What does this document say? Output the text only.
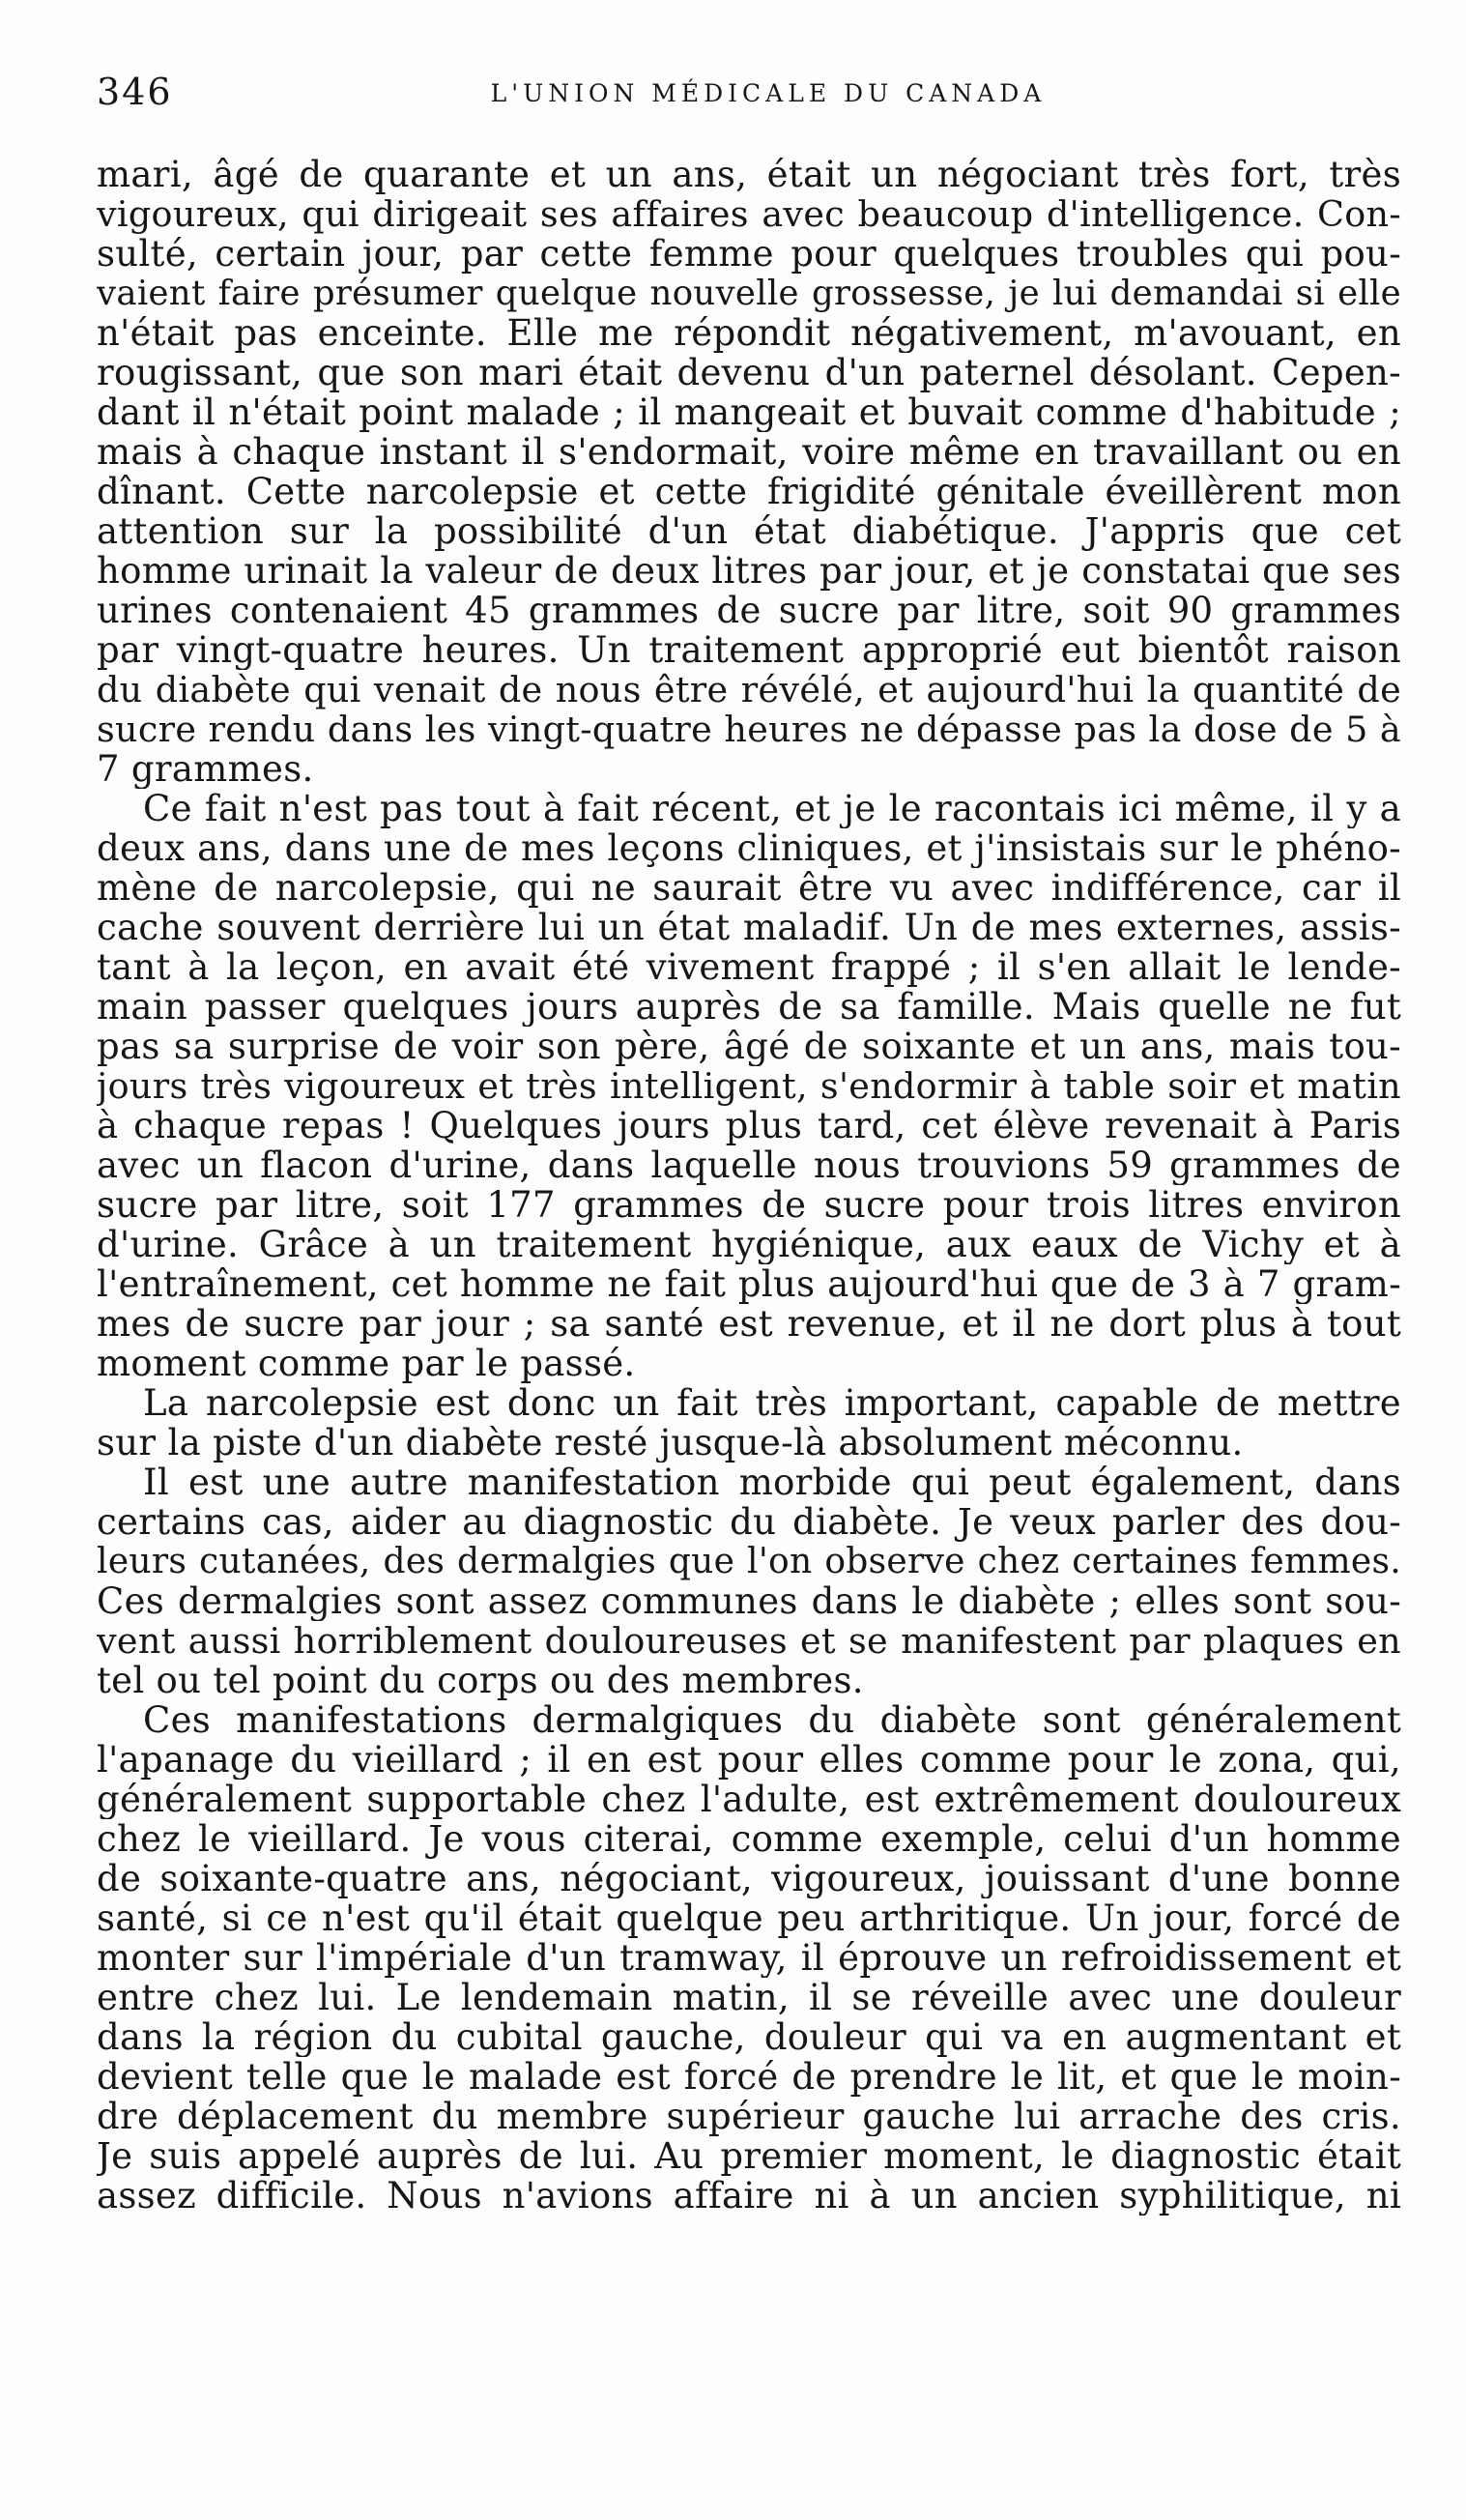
346	L'UNION MÉDICALE DU CANADA
mari, âgé de quarante et un ans, était un négociant très fort, très
vigoureux, qui dirigeait ses affaires avec beaucoup d'intelligence. Con-
sulté, certain jour, par cette femme pour quelques troubles qui pou-
vaient faire présumer quelque nouvelle grossesse, je lui demandai si elle
n'était pas enceinte. Elle me répondit négativement, m'avouant, en
rougissant, que son mari était devenu d'un paternel désolant. Cepen-
dant il n'était point malade ; il mangeait et buvait comme d'habitude ;
mais à chaque instant il s'endormait, voire même en travaillant ou en
dînant. Cette narcolepsie et cette frigidité génitale éveillèrent mon
attention sur la possibilité d'un état diabétique. J'appris que cet
homme urinait la valeur de deux litres par jour, et je constatai que ses
urines contenaient 45 grammes de sucre par litre, soit 90 grammes
par vingt-quatre heures. Un traitement approprié eut bientôt raison
du diabète qui venait de nous être révélé, et aujourd'hui la quantité de
sucre rendu dans les vingt-quatre heures ne dépasse pas la dose de 5 à
7 grammes.
Ce fait n'est pas tout à fait récent, et je le racontais ici même, il y a
deux ans, dans une de mes leçons cliniques, et j'insistais sur le phéno-
mène de narcolepsie, qui ne saurait être vu avec indifférence, car il
cache souvent derrière lui un état maladif. Un de mes externes, assis-
tant à la leçon, en avait été vivement frappé ; il s'en allait le lende-
main passer quelques jours auprès de sa famille. Mais quelle ne fut
pas sa surprise de voir son père, âgé de soixante et un ans, mais tou-
jours très vigoureux et très intelligent, s'endormir à table soir et matin
à chaque repas ! Quelques jours plus tard, cet élève revenait à Paris
avec un flacon d'urine, dans laquelle nous trouvions 59 grammes de
sucre par litre, soit 177 grammes de sucre pour trois litres environ
d'urine. Grâce à un traitement hygiénique, aux eaux de Vichy et à
l'entraînement, cet homme ne fait plus aujourd'hui que de 3 à 7 gram-
mes de sucre par jour ; sa santé est revenue, et il ne dort plus à tout
moment comme par le passé.
La narcolepsie est donc un fait très important, capable de mettre
sur la piste d'un diabète resté jusque-là absolument méconnu.
Il est une autre manifestation morbide qui peut également, dans
certains cas, aider au diagnostic du diabète. Je veux parler des dou-
leurs cutanées, des dermalgies que l'on observe chez certaines femmes.
Ces dermalgies sont assez communes dans le diabète ; elles sont sou-
vent aussi horriblement douloureuses et se manifestent par plaques en
tel ou tel point du corps ou des membres.
Ces manifestations dermalgiques du diabète sont généralement
l'apanage du vieillard ; il en est pour elles comme pour le zona, qui,
généralement supportable chez l'adulte, est extrêmement douloureux
chez le vieillard. Je vous citerai, comme exemple, celui d'un homme
de soixante-quatre ans, négociant, vigoureux, jouissant d'une bonne
santé, si ce n'est qu'il était quelque peu arthritique. Un jour, forcé de
monter sur l'impériale d'un tramway, il éprouve un refroidissement et
entre chez lui. Le lendemain matin, il se réveille avec une douleur
dans la région du cubital gauche, douleur qui va en augmentant et
devient telle que le malade est forcé de prendre le lit, et que le moin-
dre déplacement du membre supérieur gauche lui arrache des cris.
Je suis appelé auprès de lui. Au premier moment, le diagnostic était
assez difficile. Nous n'avions affaire ni à un ancien syphilitique, ni
